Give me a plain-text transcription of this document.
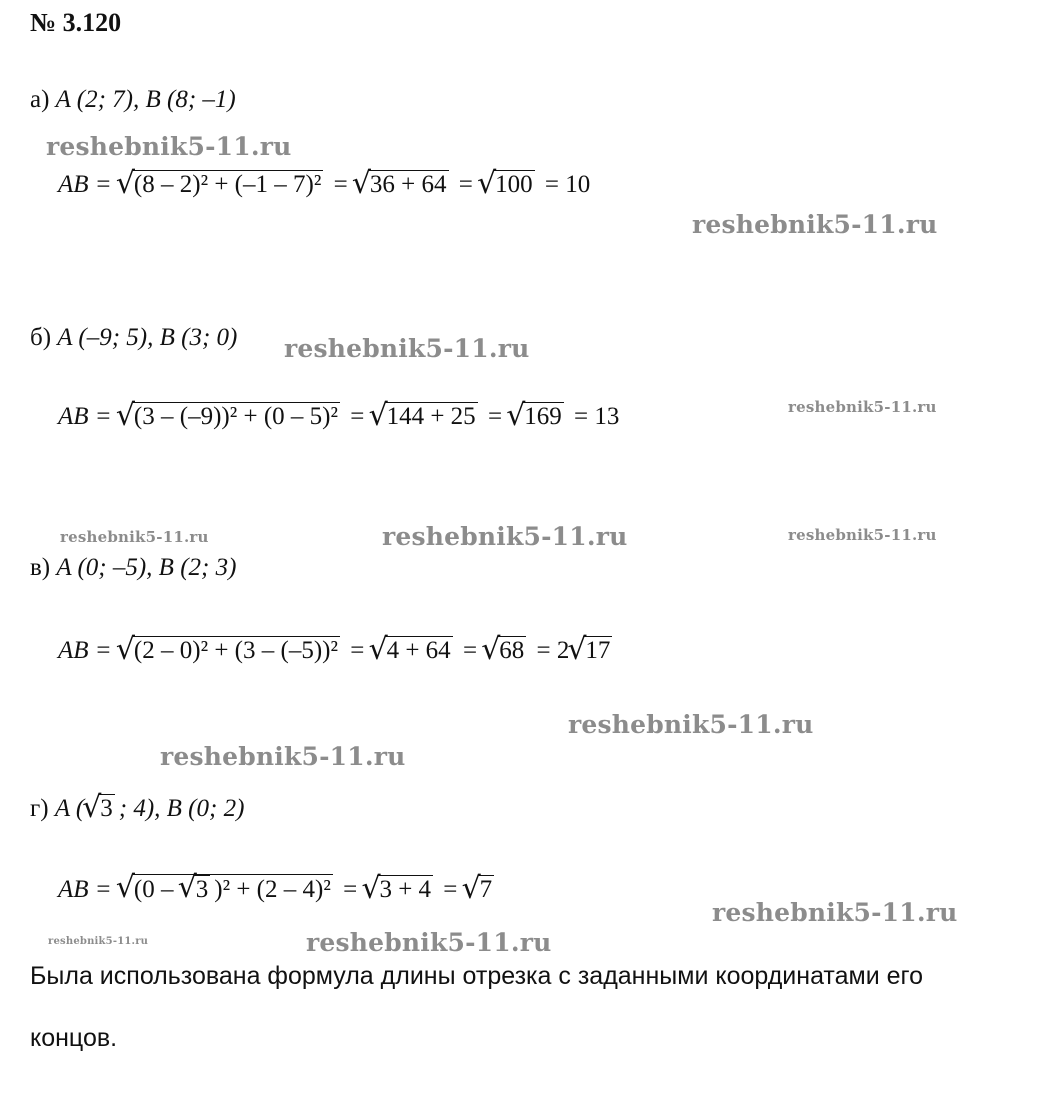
№ 3.120
а) A (2; 7), B (8; –1)
AB = √ (8 – 2)² + (–1 – 7)² = √ 36 + 64 = √ 100 = 10
б) A (–9; 5), B (3; 0)
AB = √ (3 – (–9))² + (0 – 5)² = √ 144 + 25 = √ 169 = 13
в) A (0; –5), B (2; 3)
AB = √ (2 – 0)² + (3 – (–5))² = √ 4 + 64 = √ 68 = 2 √ 17
г) A ( √ 3 ; 4), B (0; 2)
AB = √ (0 – √ 3 )² + (2 – 4)² = √ 3 + 4 = √ 7
Была использована формула длины отрезка с заданными координатами его
концов.
reshebnik5-11.ru
reshebnik5-11.ru
reshebnik5-11.ru
reshebnik5-11.ru
reshebnik5-11.ru	reshebnik5-11.ru	reshebnik5-11.ru
reshebnik5-11.ru
reshebnik5-11.ru
reshebnik5-11.ru
reshebnik5-11.ru	reshebnik5-11.ru
